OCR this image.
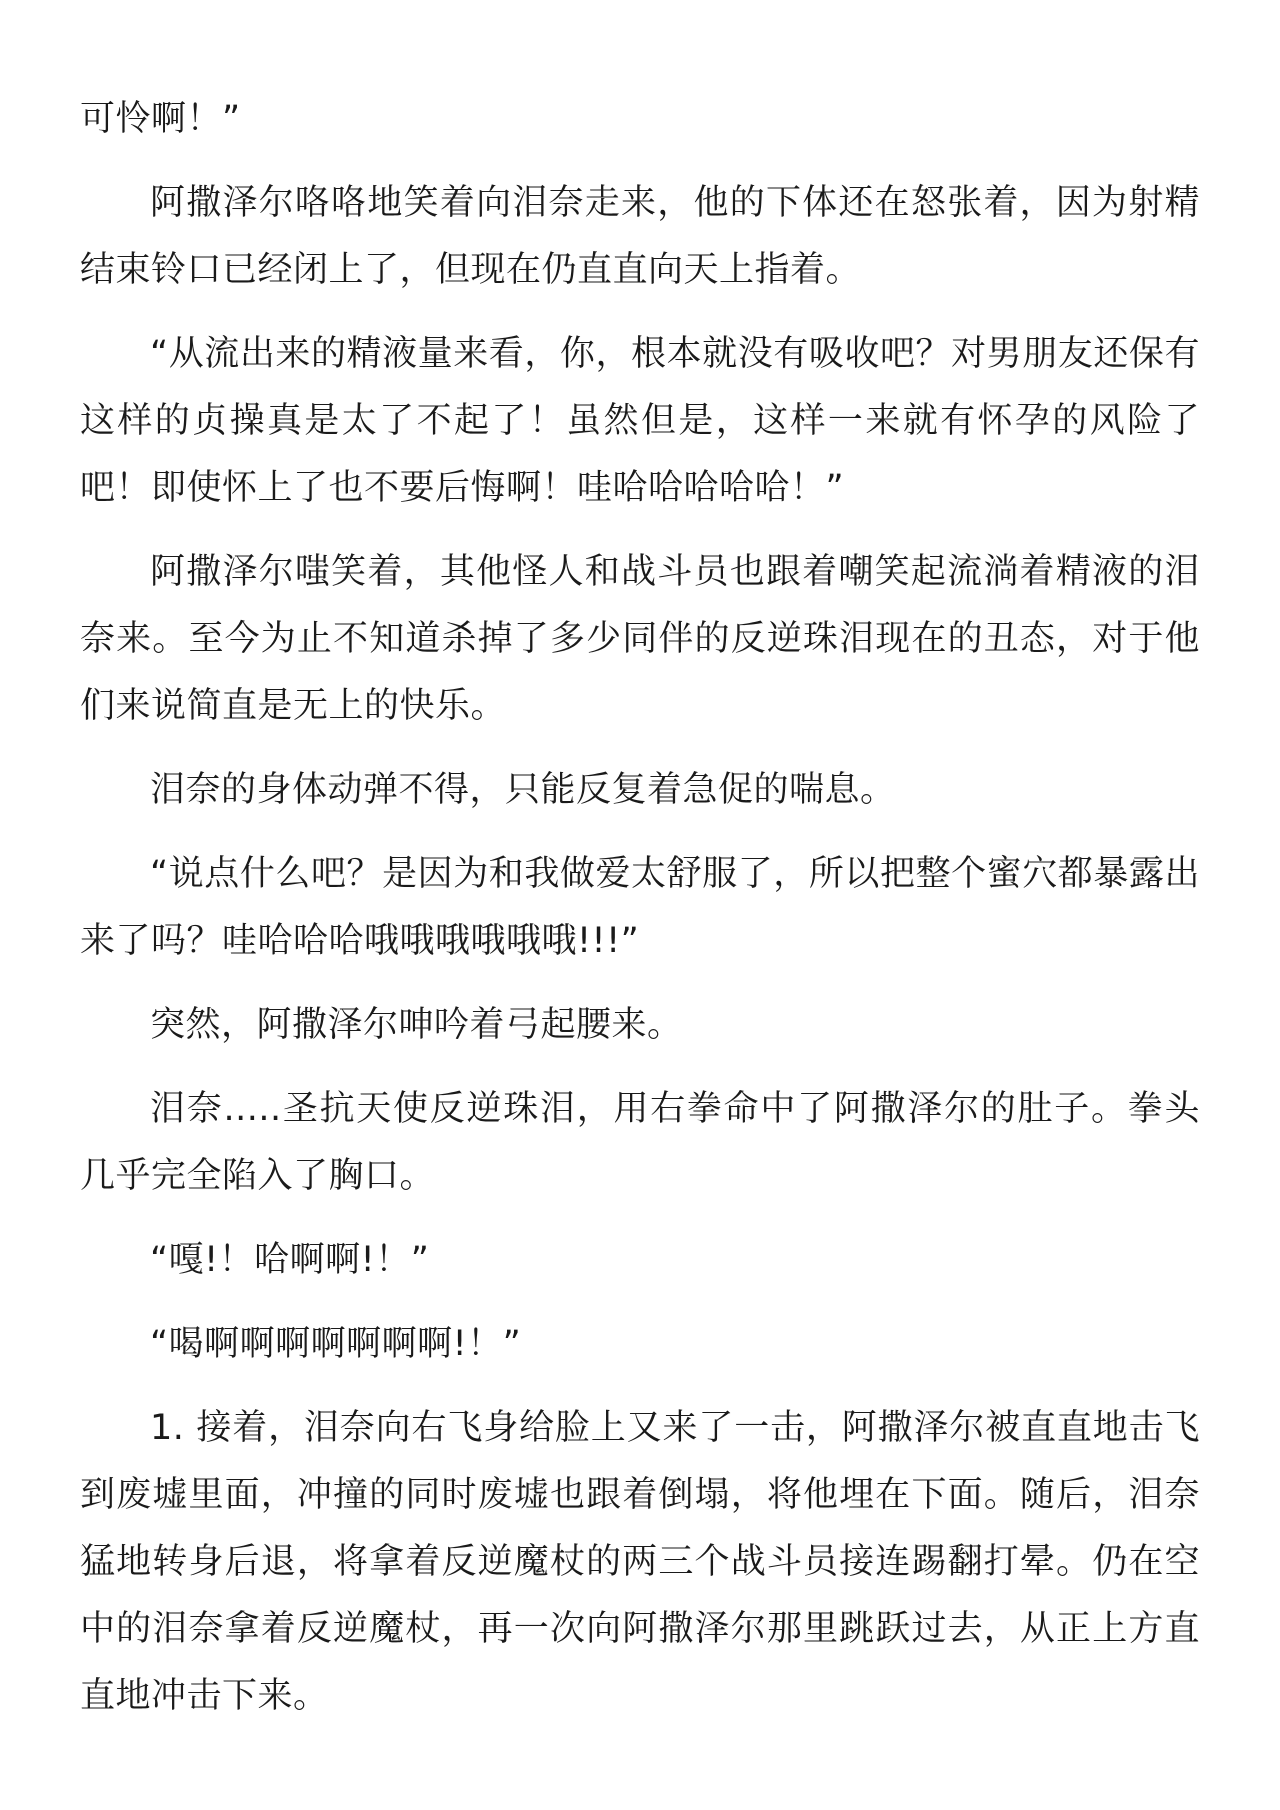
可怜啊！”

阿撒泽尔咯咯地笑着向泪奈走来，他的下体还在怒张着，因为射精结束铃口已经闭上了，但现在仍直直向天上指着。

“从流出来的精液量来看，你，根本就没有吸收吧？对男朋友还保有这样的贞操真是太了不起了！虽然但是，这样一来就有怀孕的风险了吧！即使怀上了也不要后悔啊！哇哈哈哈哈哈！”

阿撒泽尔嗤笑着，其他怪人和战斗员也跟着嘲笑起流淌着精液的泪奈来。至今为止不知道杀掉了多少同伴的反逆珠泪现在的丑态，对于他们来说简直是无上的快乐。

泪奈的身体动弹不得，只能反复着急促的喘息。

“说点什么吧？是因为和我做爱太舒服了，所以把整个蜜穴都暴露出来了吗？哇哈哈哈哦哦哦哦哦哦!!!”

突然，阿撒泽尔呻吟着弓起腰来。

泪奈.....圣抗天使反逆珠泪，用右拳命中了阿撒泽尔的肚子。拳头几乎完全陷入了胸口。

“嘎!！哈啊啊!！”

“喝啊啊啊啊啊啊啊!！”

1. 接着，泪奈向右飞身给脸上又来了一击，阿撒泽尔被直直地击飞到废墟里面，冲撞的同时废墟也跟着倒塌，将他埋在下面。随后，泪奈猛地转身后退，将拿着反逆魔杖的两三个战斗员接连踢翻打晕。仍在空中的泪奈拿着反逆魔杖，再一次向阿撒泽尔那里跳跃过去，从正上方直直地冲击下来。
